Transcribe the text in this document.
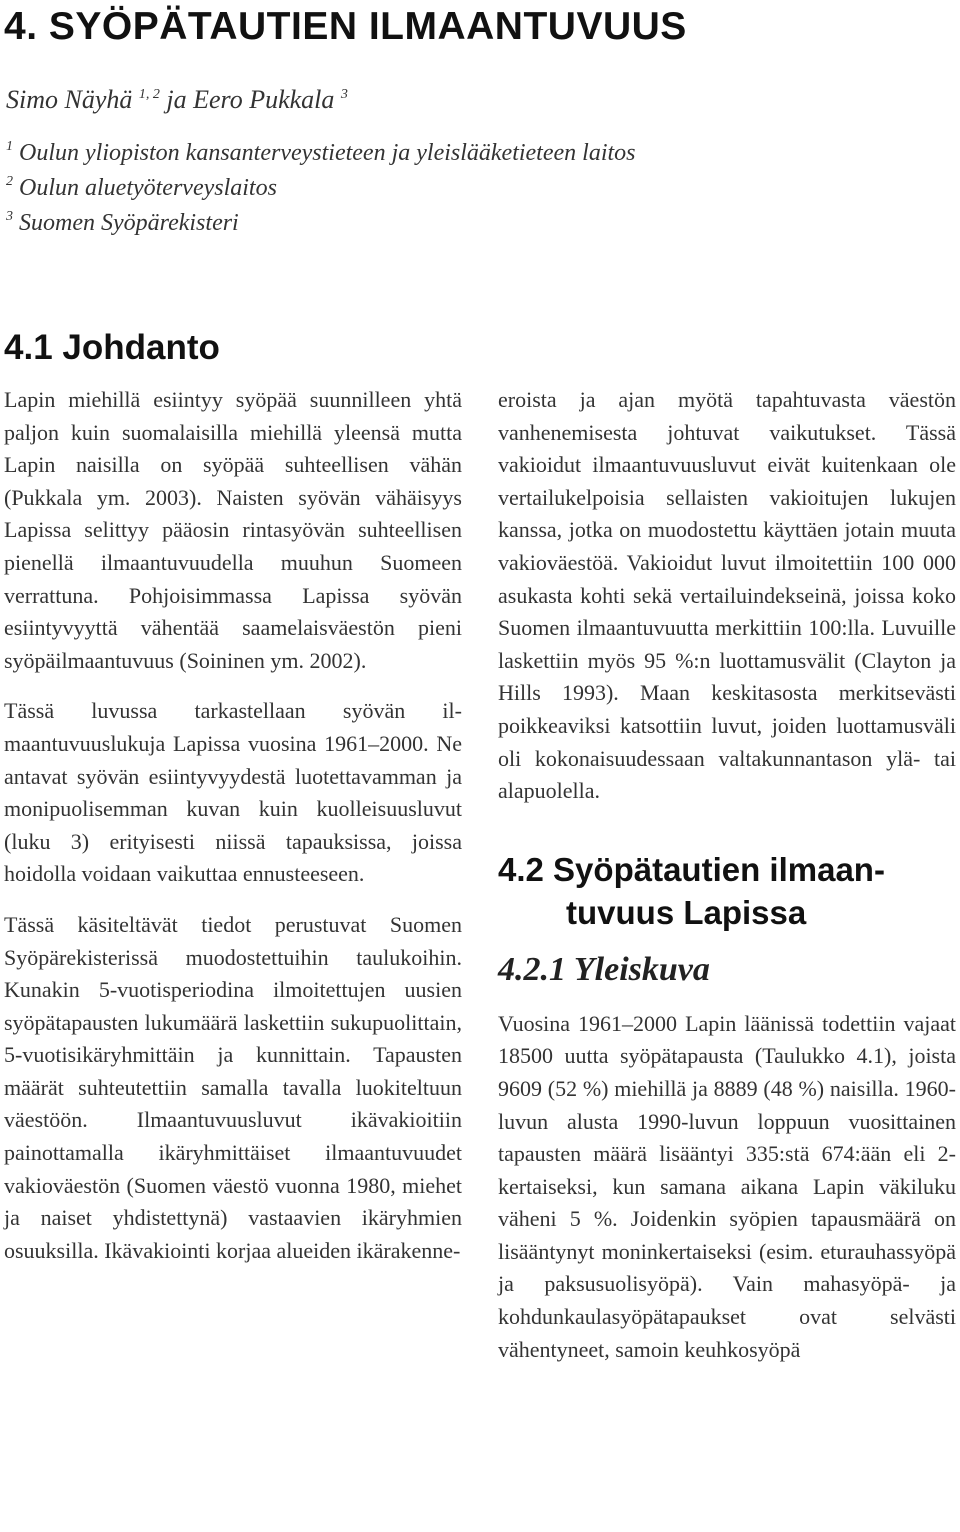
4. SYÖPÄTAUTIEN ILMAANTUVUUS

Simo Näyhä $^{1, 2}$ ja Eero Pukkala $^3$

$^1$ Oulun yliopiston kansanterveystieteen ja yleislääketieteen laitos

$^2$ Oulun aluetyöterveyslaitos

$^3$ Suomen Syöpärekisteri

4.1 Johdanto

Lapin miehillä esiintyy syöpää suunnilleen yhtä paljon kuin suomalaisilla miehillä yleensä mutta Lapin naisilla on syöpää suhteellisen vähän (Pukkala ym. 2003). Naisten syövän vähäisyys Lapissa selittyy pääosin rintasyövän suhteellisen pienellä ilmaantuvuudella muuhun Suomeen verrattuna. Pohjoisimmassa Lapissa syövän esiintyvyyttä vähentää saamelaisväestön pieni syöpäilmaantuvuus (Soininen ym. 2002).

Tässä luvussa tarkastellaan syövän ilmaantuvuuslukuja Lapissa vuosina 1961–2000. Ne antavat syövän esiintyvyydestä luotettavamman ja monipuolisemman kuvan kuin kuolleisuusluvut (luku 3) erityisesti niissä tapauksissa, joissa hoidolla voidaan vaikuttaa ennusteeseen.

Tässä käsiteltävät tiedot perustuvat Suomen Syöpärekisterissä muodostettuihin taulukoihin. Kunakin 5-vuotisperiodina ilmoitettujen uusien syöpätapausten lukumäärä laskettiin sukupuolittain, 5-vuotisikäryhmittäin ja kunnittain. Tapausten määrät suhteutettiin samalla tavalla luokiteltuun väestöön. Ilmaantuvuusluvut ikävakioitiin painottamalla ikäryhmittäiset ilmaantuvuudet vakioväestön (Suomen väestö vuonna 1980, miehet ja naiset yhdistettynä) vastaavien ikäryhmien osuuksilla. Ikävakiointi korjaa alueiden ikärakenne-

eroista ja ajan myötä tapahtuvasta väestön vanhenemisesta johtuvat vaikutukset. Tässä vakioidut ilmaantuvuusluvut eivät kuitenkaan ole vertailukelpoisia sellaisten vakioitujen lukujen kanssa, jotka on muodostettu käyttäen jotain muuta vakioväestöä. Vakioidut luvut ilmoitettiin 100 000 asukasta kohti sekä vertailuindekseinä, joissa koko Suomen ilmaantuvuutta merkittiin 100:lla. Luvuille laskettiin myös 95 %:n luottamusvälit (Clayton ja Hills 1993). Maan keskitasosta merkitsevästi poikkeaviksi katsottiin luvut, joiden luottamusväli oli kokonaisuudessaan valtakunnantason ylä- tai alapuolella.

4.2 Syöpätautien ilmaan-
tuvuus Lapissa
4.2.1 Yleiskuva

Vuosina 1961–2000 Lapin läänissä todettiin vajaat 18500 uutta syöpätapausta (Taulukko 4.1), joista 9609 (52 %) miehillä ja 8889 (48 %) naisilla. 1960-luvun alusta 1990-luvun loppuun vuosittainen tapausten määrä lisääntyi 335:stä 674:ään eli 2-kertaiseksi, kun samana aikana Lapin väkiluku väheni 5 %. Joidenkin syöpien tapausmäärä on lisääntynyt moninkertaiseksi (esim. eturauhassyöpä ja paksusuolisyöpä). Vain mahasyöpä- ja kohdunkaulasyöpätapaukset ovat selvästi vähentyneet, samoin keuhkosyöpä
